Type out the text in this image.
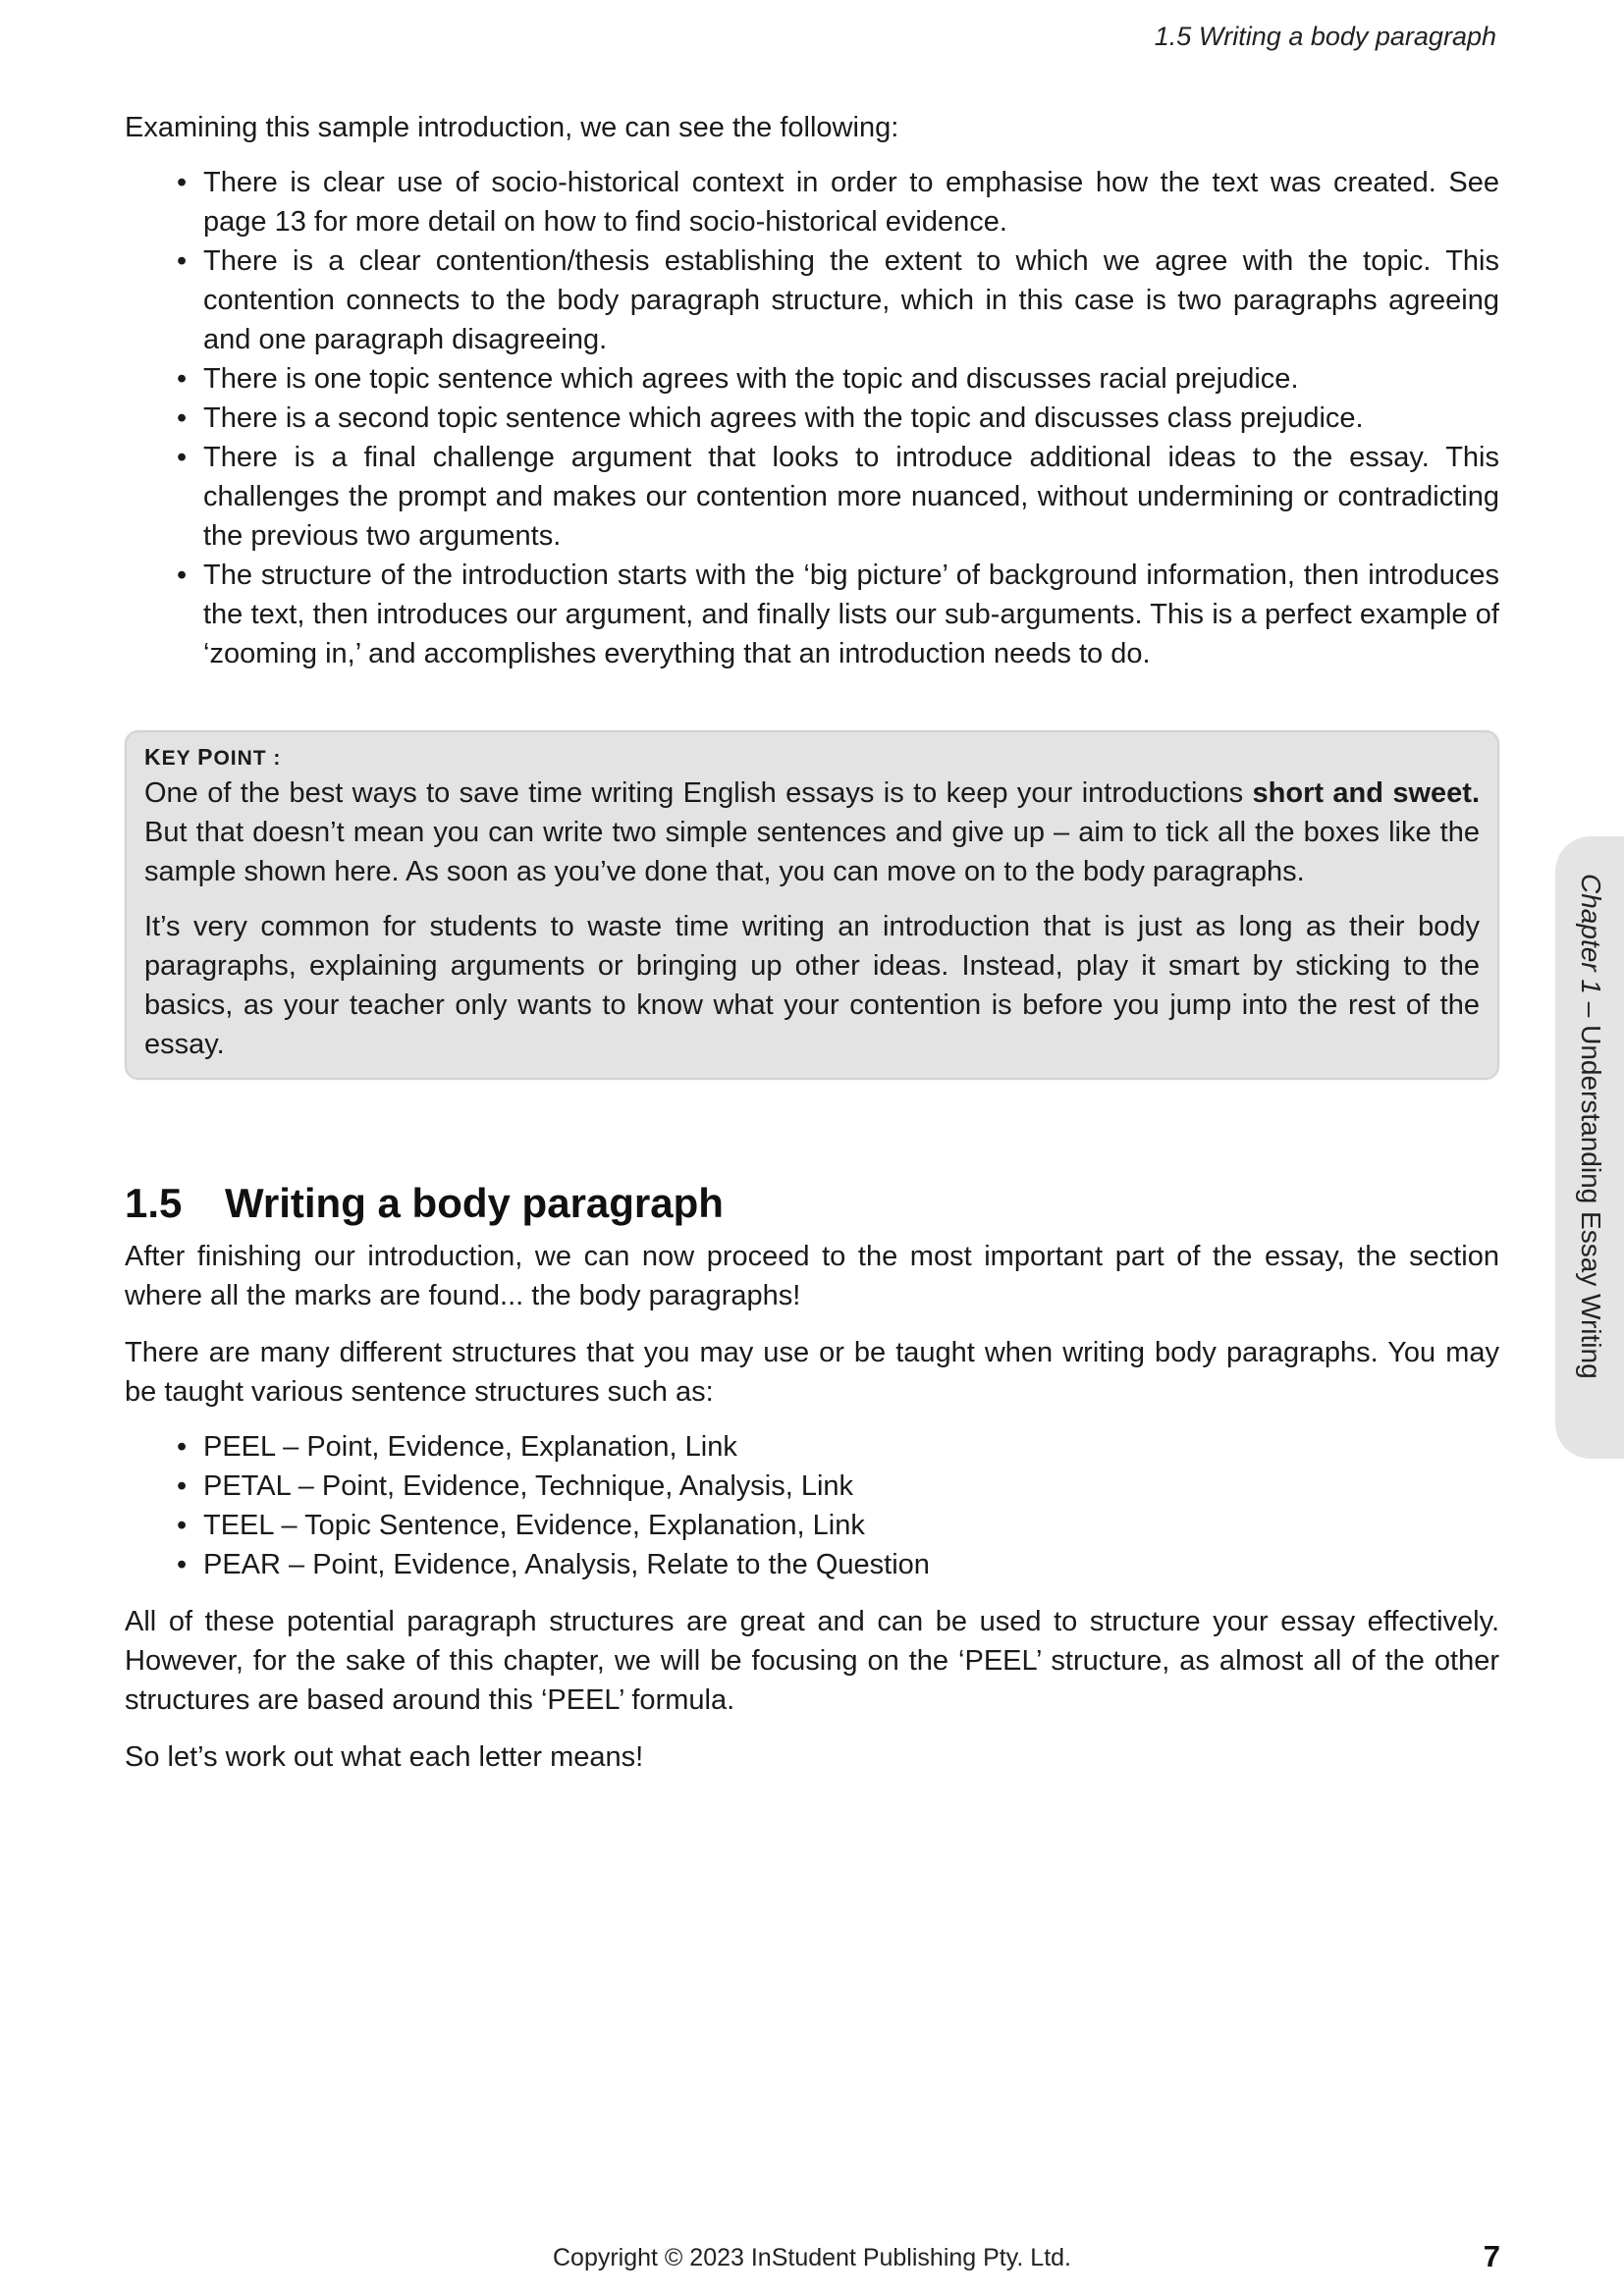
1.5 Writing a body paragraph
Chapter 1 – Understanding Essay Writing

Examining this sample introduction, we can see the following:

• There is clear use of socio-historical context in order to emphasise how the text was created. See page 13 for more detail on how to find socio-historical evidence.
• There is a clear contention/thesis establishing the extent to which we agree with the topic. This contention connects to the body paragraph structure, which in this case is two paragraphs agreeing and one paragraph disagreeing.
• There is one topic sentence which agrees with the topic and discusses racial prejudice.
• There is a second topic sentence which agrees with the topic and discusses class prejudice.
• There is a final challenge argument that looks to introduce additional ideas to the essay. This challenges the prompt and makes our contention more nuanced, without undermining or contradicting the previous two arguments.
• The structure of the introduction starts with the ‘big picture’ of background information, then introduces the text, then introduces our argument, and finally lists our sub-arguments. This is a perfect example of ‘zooming in,’ and accomplishes everything that an introduction needs to do.
KEY POINT :

One of the best ways to save time writing English essays is to keep your introductions short and sweet. But that doesn’t mean you can write two simple sentences and give up – aim to tick all the boxes like the sample shown here. As soon as you’ve done that, you can move on to the body paragraphs.

It’s very common for students to waste time writing an introduction that is just as long as their body paragraphs, explaining arguments or bringing up other ideas. Instead, play it smart by sticking to the basics, as your teacher only wants to know what your contention is before you jump into the rest of the essay.

1.5 Writing a body paragraph

After finishing our introduction, we can now proceed to the most important part of the essay, the section where all the marks are found... the body paragraphs!

There are many different structures that you may use or be taught when writing body paragraphs. You may be taught various sentence structures such as:

• PEEL – Point, Evidence, Explanation, Link
• PETAL – Point, Evidence, Technique, Analysis, Link
• TEEL – Topic Sentence, Evidence, Explanation, Link
• PEAR – Point, Evidence, Analysis, Relate to the Question

All of these potential paragraph structures are great and can be used to structure your essay effectively. However, for the sake of this chapter, we will be focusing on the ‘PEEL’ structure, as almost all of the other structures are based around this ‘PEEL’ formula.

So let’s work out what each letter means!

Copyright © 2023 InStudent Publishing Pty. Ltd.	7
